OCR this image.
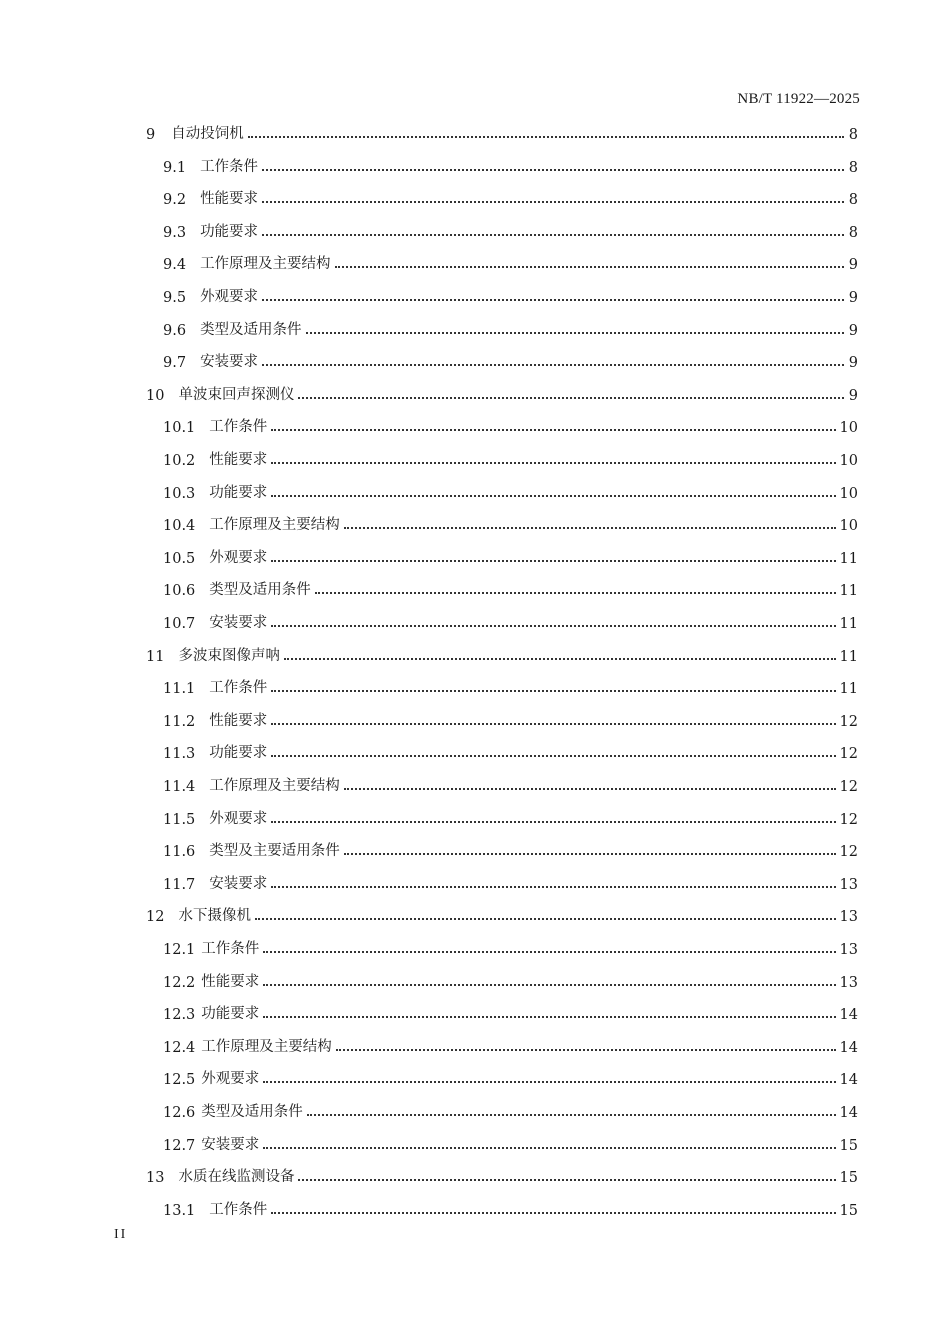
NB/T 11922—2025
9 自动投饲机	8
9.1 工作条件	8
9.2 性能要求	8
9.3 功能要求	8
9.4 工作原理及主要结构	9
9.5 外观要求	9
9.6 类型及适用条件	9
9.7 安装要求	9
10 单波束回声探测仪	9
10.1 工作条件	10
10.2 性能要求	10
10.3 功能要求	10
10.4 工作原理及主要结构	10
10.5 外观要求	11
10.6 类型及适用条件	11
10.7 安装要求	11
11 多波束图像声呐	11
11.1 工作条件	11
11.2 性能要求	12
11.3 功能要求	12
11.4 工作原理及主要结构	12
11.5 外观要求	12
11.6 类型及主要适用条件	12
11.7 安装要求	13
12 水下摄像机	13
12.1 工作条件	13
12.2 性能要求	13
12.3 功能要求	14
12.4 工作原理及主要结构	14
12.5 外观要求	14
12.6 类型及适用条件	14
12.7 安装要求	15
13 水质在线监测设备	15
13.1 工作条件	15
II
